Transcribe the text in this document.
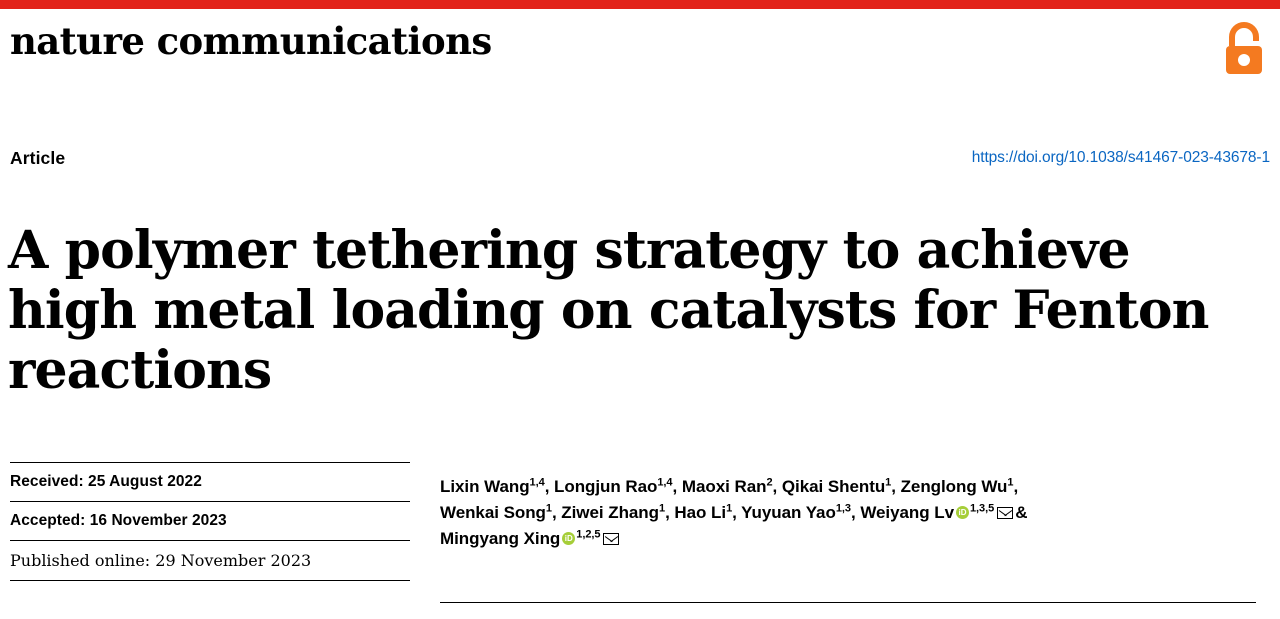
nature communications
Article	https://doi.org/10.1038/s41467-023-43678-1
A polymer tethering strategy to achieve high metal loading on catalysts for Fenton reactions
Received: 25 August 2022
Accepted: 16 November 2023
Published online: 29 November 2023
Lixin Wang$^{1,4}$, Longjun Rao$^{1,4}$, Maoxi Ran$^2$, Qikai Shentu$^1$, Zenglong Wu$^1$,
Wenkai Song$^1$, Ziwei Zhang$^1$, Hao Li$^1$, Yuyuan Yao$^{1,3}$, Weiyang Lv iD $^{1,3,5}$ &
Mingyang Xing iD $^{1,2,5}$
